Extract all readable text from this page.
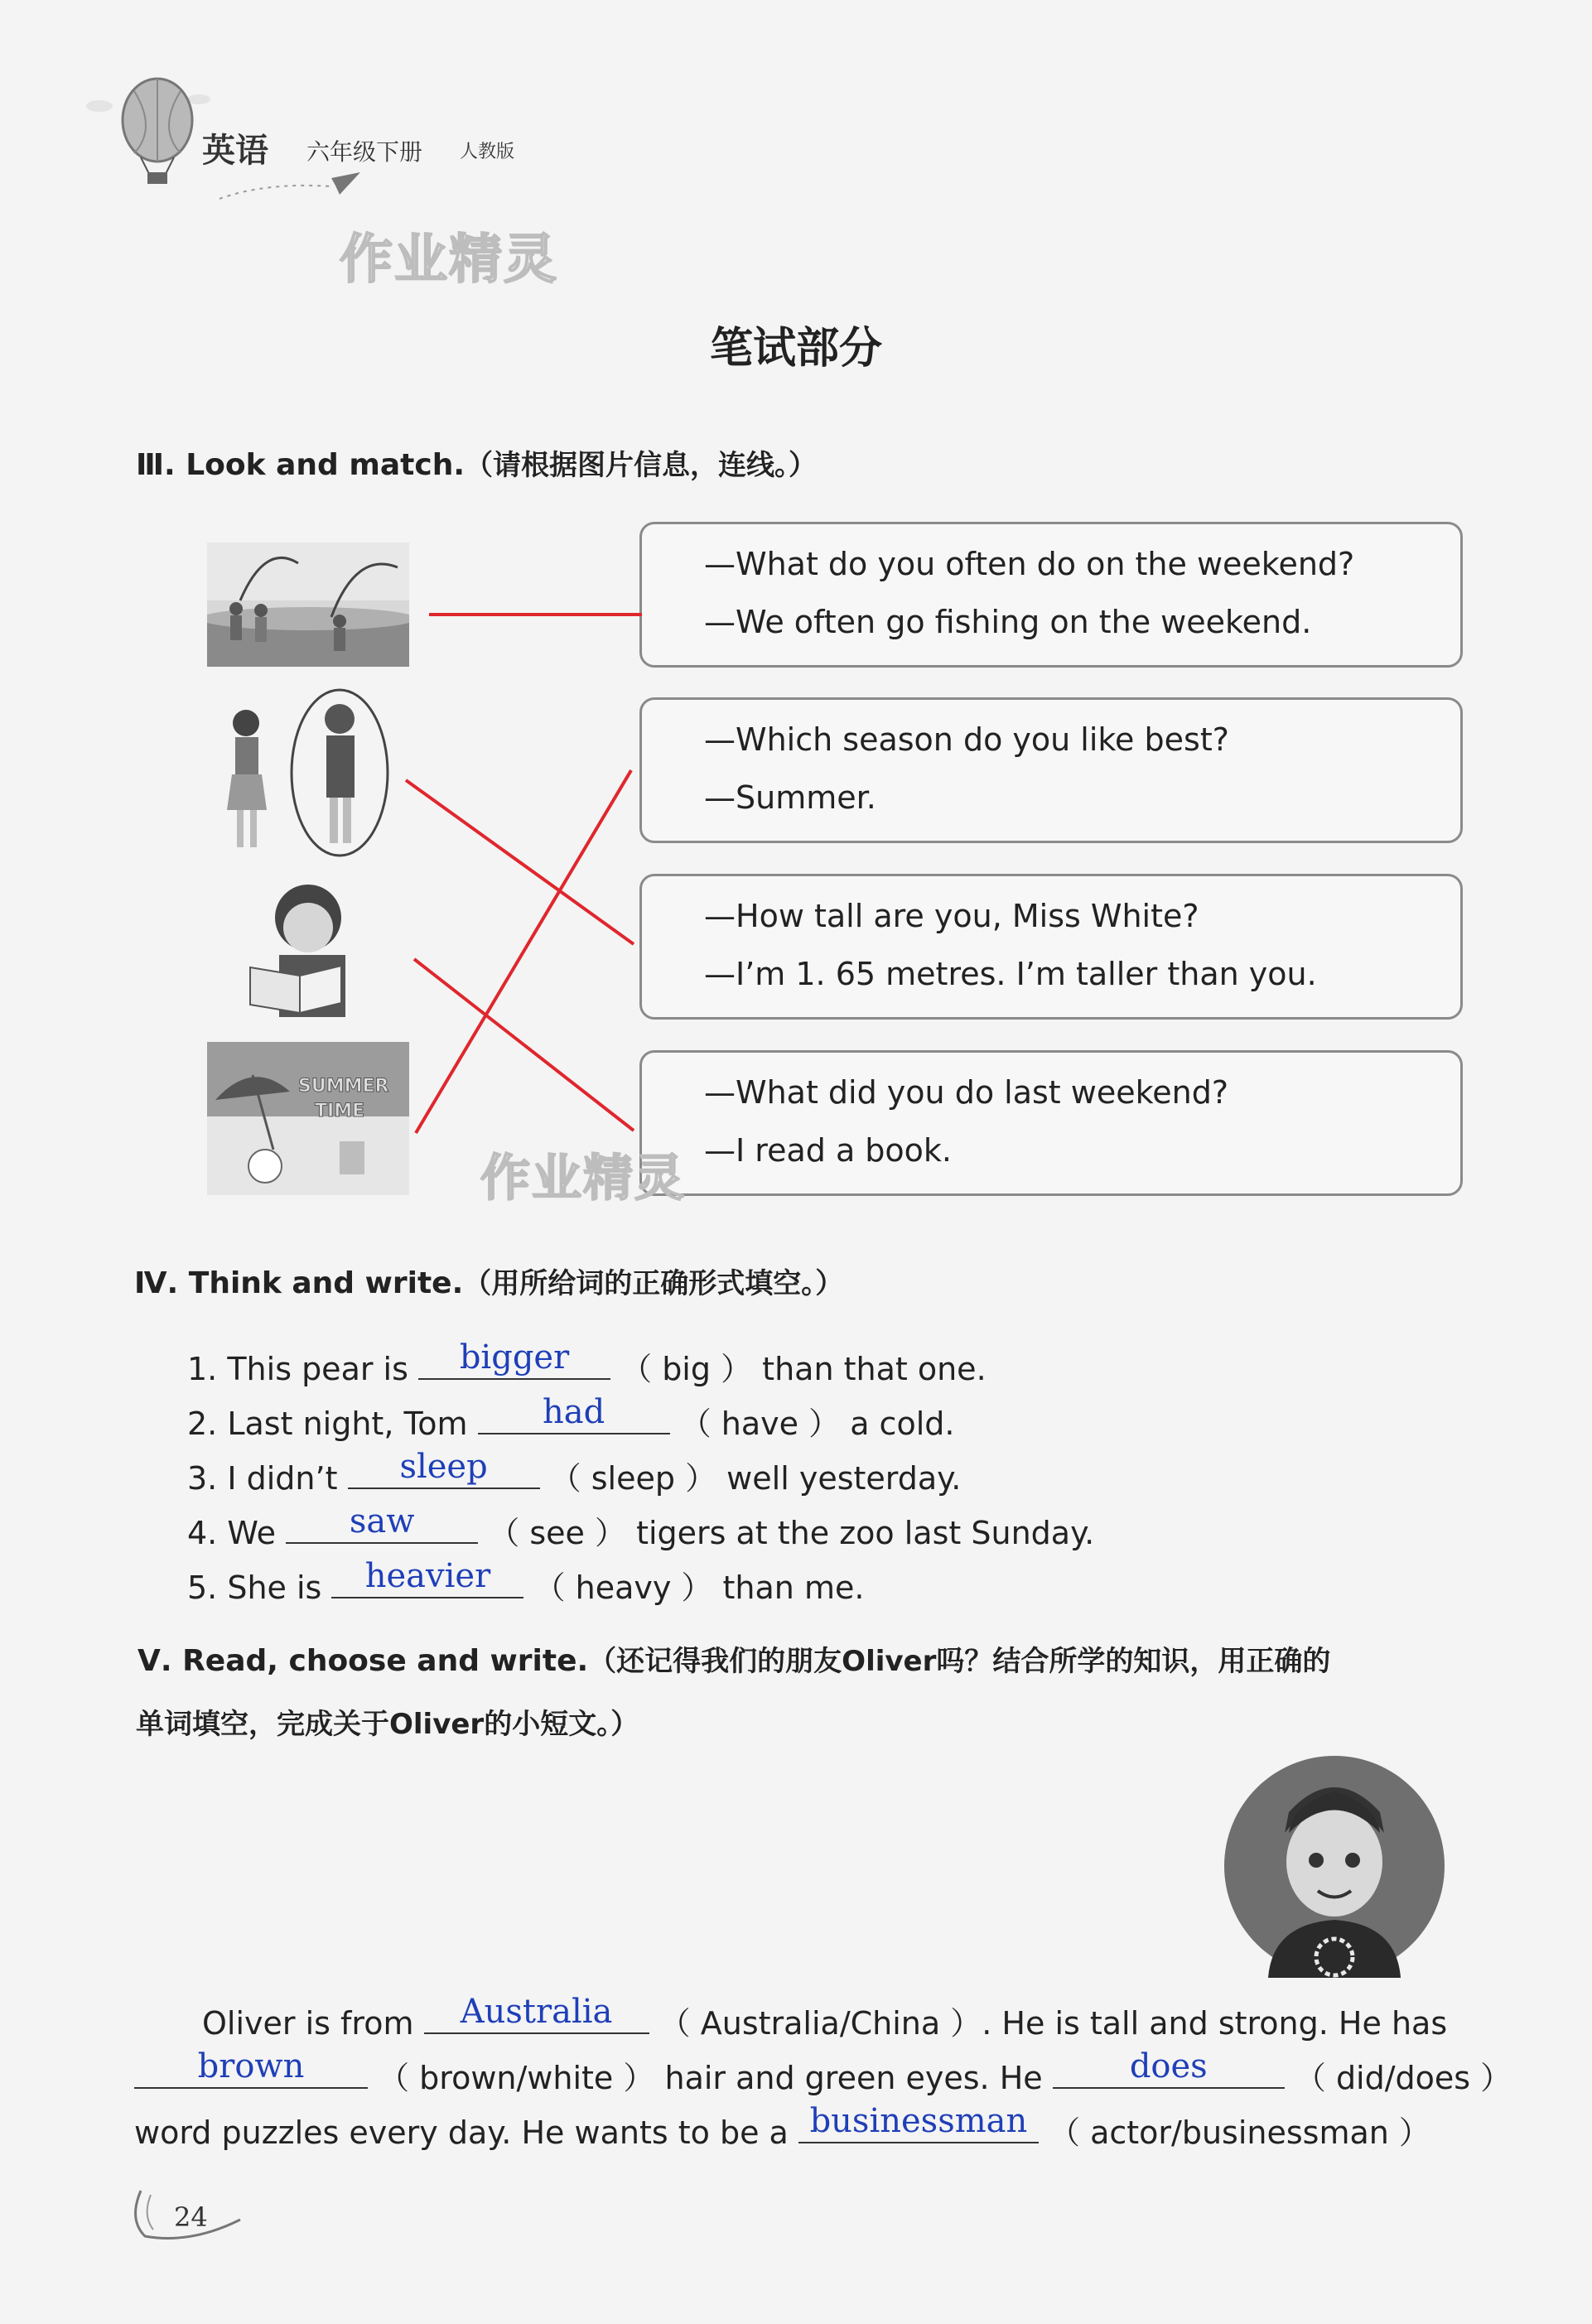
英语 六年级下册 人教版
作业精灵
笔试部分
Ⅲ. Look and match.（请根据图片信息，连线。）
SUMMER
TIME
—What do you often do on the weekend?
—We often go fishing on the weekend.
—Which season do you like best?
—Summer.
—How tall are you, Miss White?
—I’m 1. 65 metres. I’m taller than you.
—What did you do last weekend?
—I read a book.
作业精灵
Ⅳ. Think and write.（用所给词的正确形式填空。）
1. This pear is	bigger	（ big ） than that one.
2. Last night, Tom	had	（ have ） a cold.
3. I didn’t	sleep	（ sleep ） well yesterday.
4. We	saw	（ see ） tigers at the zoo last Sunday.
5. She is	heavier	（ heavy ） than me.
Ⅴ. Read, choose and write.（还记得我们的朋友Oliver吗？结合所学的知识，用正确的
单词填空，完成关于Oliver的小短文。）
Oliver is from	Australia	（ Australia/China ）. He is tall and strong. He has
brown	（ brown/white ） hair and green eyes. He	does	（ did/does ）
word puzzles every day. He wants to be a businessman （ actor/businessman ）
24
